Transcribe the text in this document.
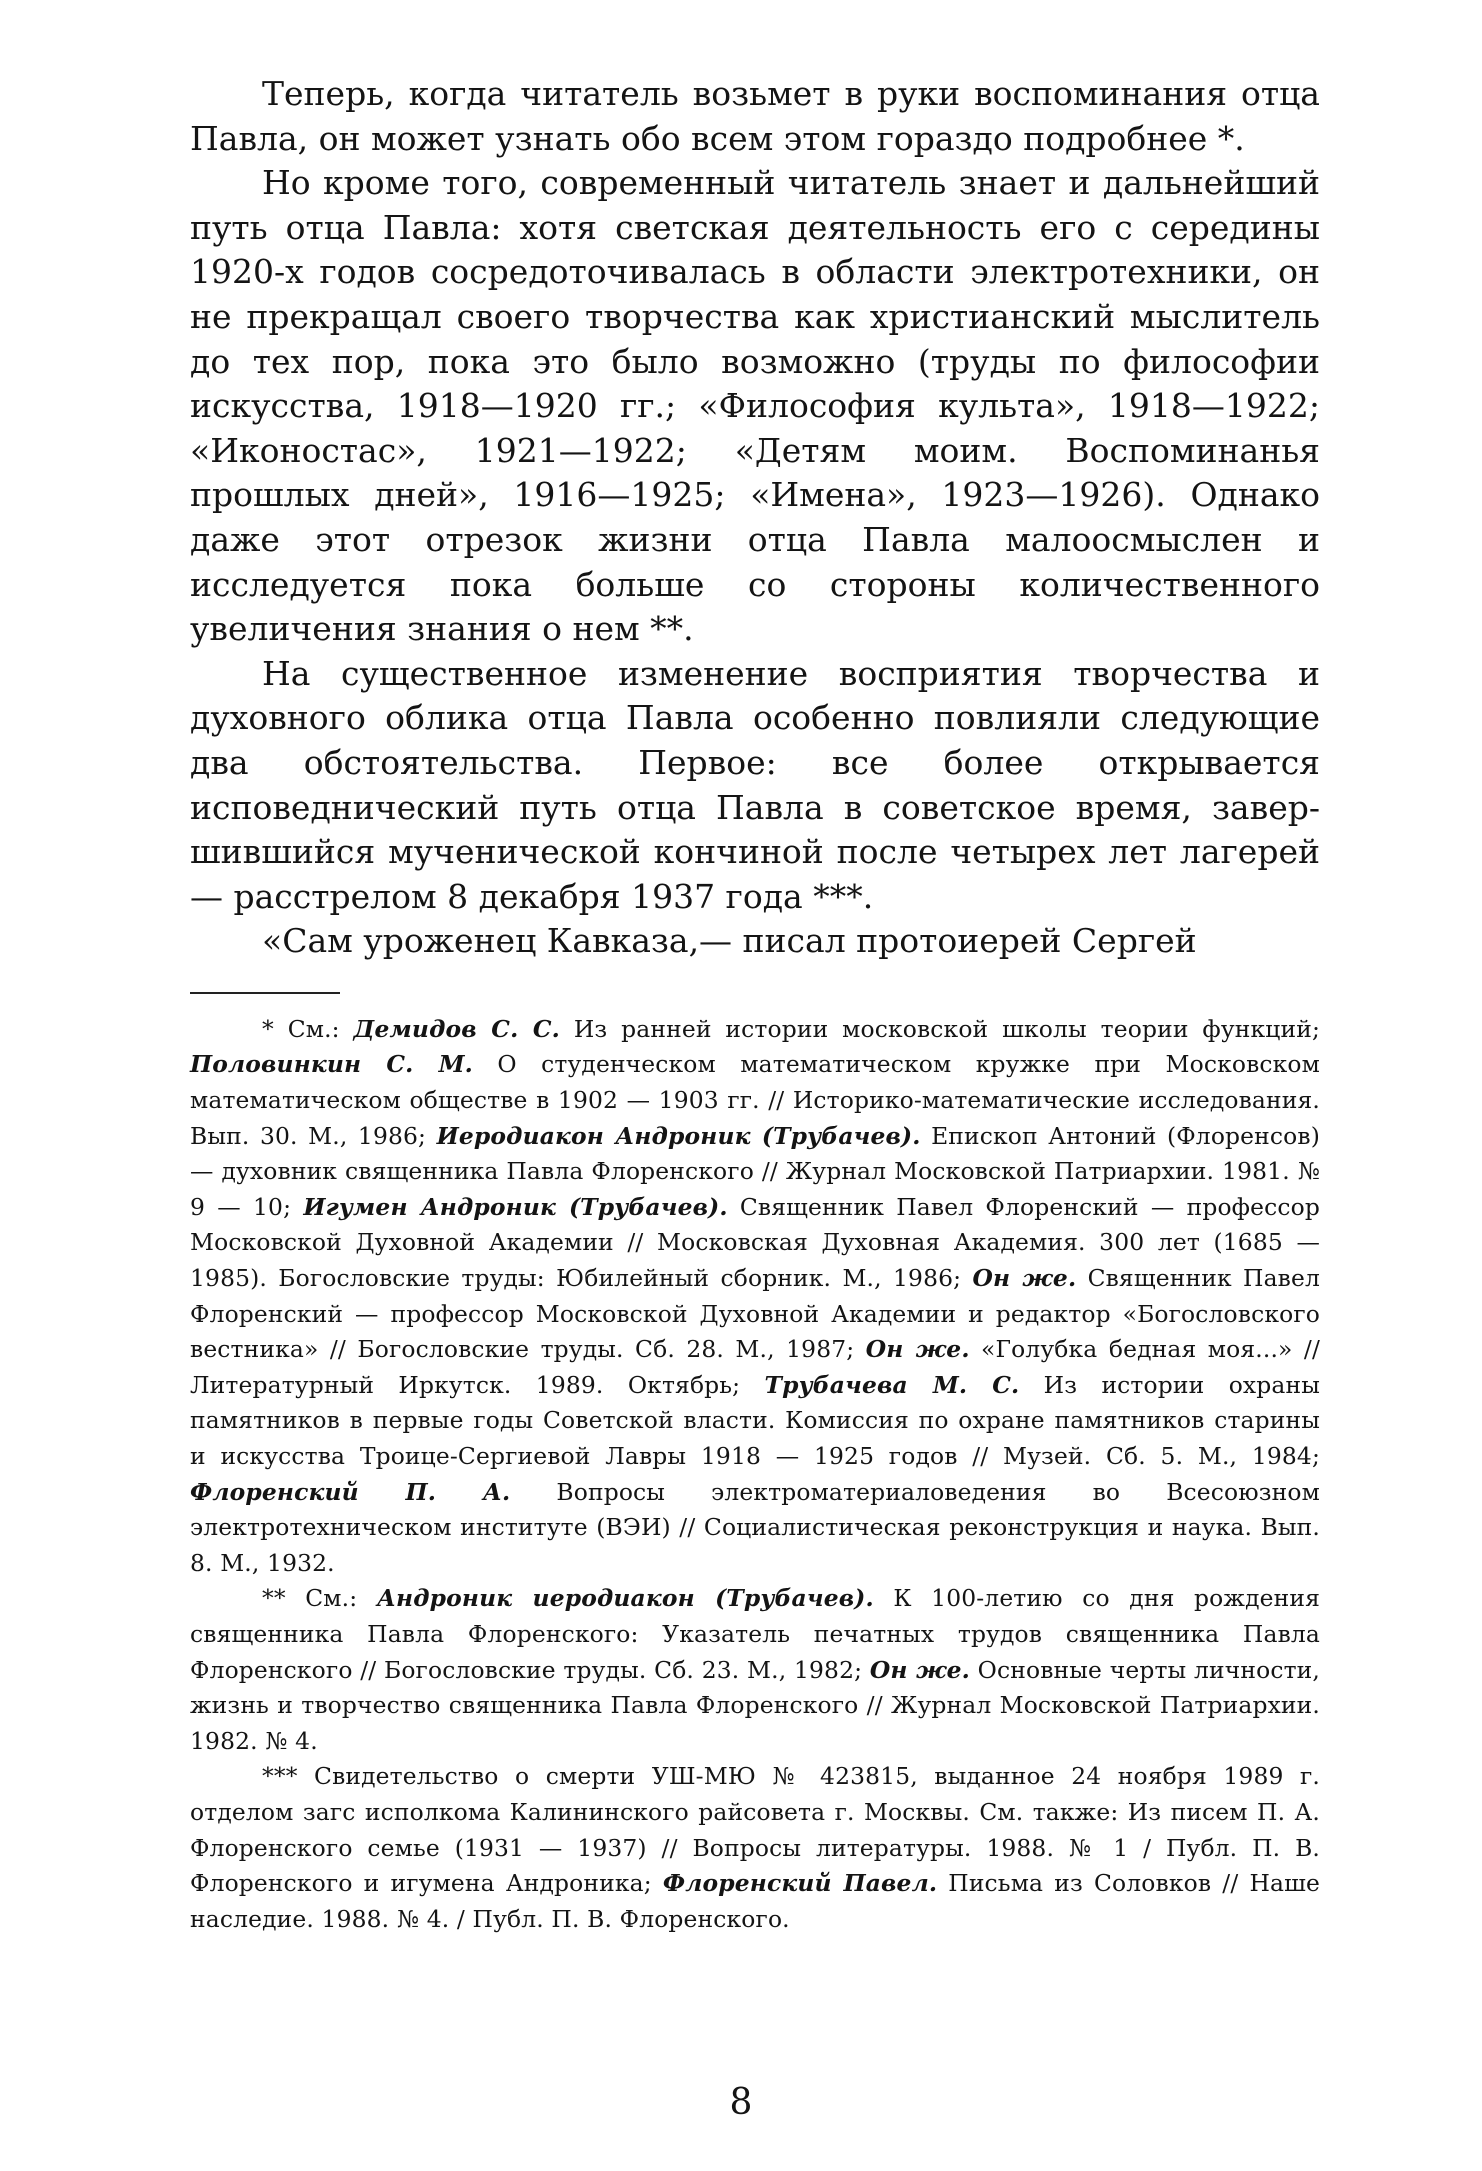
Теперь, когда читатель возьмет в руки воспоминания отца Павла, он может узнать обо всем этом гораздо подробнее *.

Но кроме того, современный читатель знает и дальнейший путь отца Павла: хотя светская деятельность его с середины 1920-х годов сосредоточивалась в области электротехники, он не прекращал своего творчества как христианский мыслитель до тех пор, пока это было возможно (труды по философии искусства, 1918—1920 гг.; «Философия культа», 1918—1922; «Иконостас», 1921—1922; «Детям моим. Воспоминанья прошлых дней», 1916—1925; «Имена», 1923—1926). Однако даже этот отрезок жизни отца Павла малоосмыслен и исследуется пока больше со стороны количественного увеличения знания о нем **.

На существенное изменение восприятия творчества и духовного облика отца Павла особенно повлияли следующие два обстоятельства. Первое: все более открывается исповеднический путь отца Павла в советское время, завершившийся мученической кончиной после четырех лет лагерей — расстрелом 8 декабря 1937 года ***.

«Сам уроженец Кавказа,— писал протоиерей Сергей

* См.: Демидов С. С. Из ранней истории московской школы теории функций; Половинкин С. М. О студенческом математическом кружке при Московском математическом обществе в 1902 — 1903 гг. // Историко-математические исследования. Вып. 30. М., 1986; Иеродиакон Андроник (Трубачев). Епископ Антоний (Флоренсов) — духовник священника Павла Флоренского // Журнал Московской Патриархии. 1981. № 9 — 10; Игумен Андроник (Трубачев). Священник Павел Флоренский — профессор Московской Духовной Академии // Московская Духовная Академия. 300 лет (1685 — 1985). Богословские труды: Юбилейный сборник. М., 1986; Он же. Священник Павел Флоренский — профессор Московской Духовной Академии и редактор «Богословского вестника» // Богословские труды. Сб. 28. М., 1987; Он же. «Голубка бедная моя...» // Литературный Иркутск. 1989. Октябрь; Трубачева М. С. Из истории охраны памятников в первые годы Советской власти. Комиссия по охране памятников старины и искусства Троице-Сергиевой Лавры 1918 — 1925 годов // Музей. Сб. 5. М., 1984; Флоренский П. А. Вопросы электроматериаловедения во Всесоюзном электротехническом институте (ВЭИ) // Социалистическая реконструкция и наука. Вып. 8. М., 1932.

** См.: Андроник иеродиакон (Трубачев). К 100-летию со дня рождения священника Павла Флоренского: Указатель печатных трудов священника Павла Флоренского // Богословские труды. Сб. 23. М., 1982; Он же. Основные черты личности, жизнь и творчество священника Павла Флоренского // Журнал Московской Патриархии. 1982. № 4.

*** Свидетельство о смерти УШ-МЮ № 423815, выданное 24 ноября 1989 г. отделом загс исполкома Калининского райсовета г. Москвы. См. также: Из писем П. А. Флоренского семье (1931 — 1937) // Вопросы литературы. 1988. № 1 / Публ. П. В. Флоренского и игумена Андроника; Флоренский Павел. Письма из Соловков // Наше наследие. 1988. № 4. / Публ. П. В. Флоренского.

8
